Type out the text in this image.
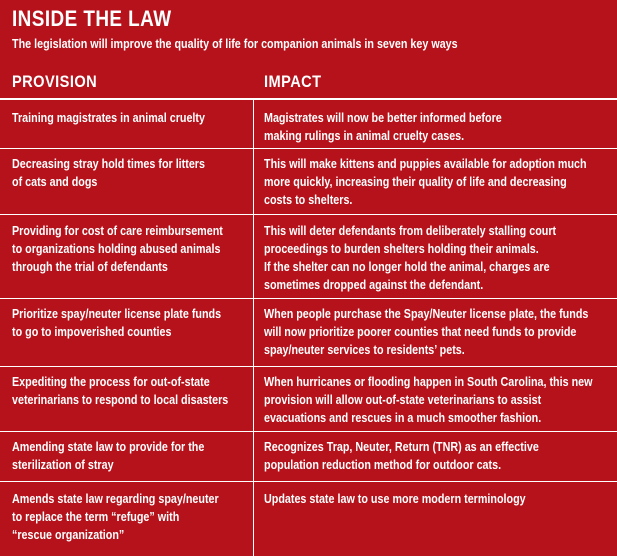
INSIDE THE LAW
The legislation will improve the quality of life for companion animals in seven key ways
PROVISION	IMPACT
Training magistrates in animal cruelty	Magistrates will now be better informed before
making rulings in animal cruelty cases.
Decreasing stray hold times for litters
of cats and dogs
This will make kittens and puppies available for adoption much
more quickly, increasing their quality of life and decreasing
costs to shelters.
Providing for cost of care reimbursement
to organizations holding abused animals
through the trial of defendants
This will deter defendants from deliberately stalling court
proceedings to burden shelters holding their animals.
If the shelter can no longer hold the animal, charges are
sometimes dropped against the defendant.
Prioritize spay/neuter license plate funds
to go to impoverished counties
When people purchase the Spay/Neuter license plate, the funds
will now prioritize poorer counties that need funds to provide
spay/neuter services to residents’ pets.
Expediting the process for out-of-state
veterinarians to respond to local disasters
When hurricanes or flooding happen in South Carolina, this new
provision will allow out-of-state veterinarians to assist
evacuations and rescues in a much smoother fashion.
Amending state law to provide for the
sterilization of stray
Recognizes Trap, Neuter, Return (TNR) as an effective
population reduction method for outdoor cats.
Amends state law regarding spay/neuter
to replace the term “refuge” with
“rescue organization”
Updates state law to use more modern terminology
